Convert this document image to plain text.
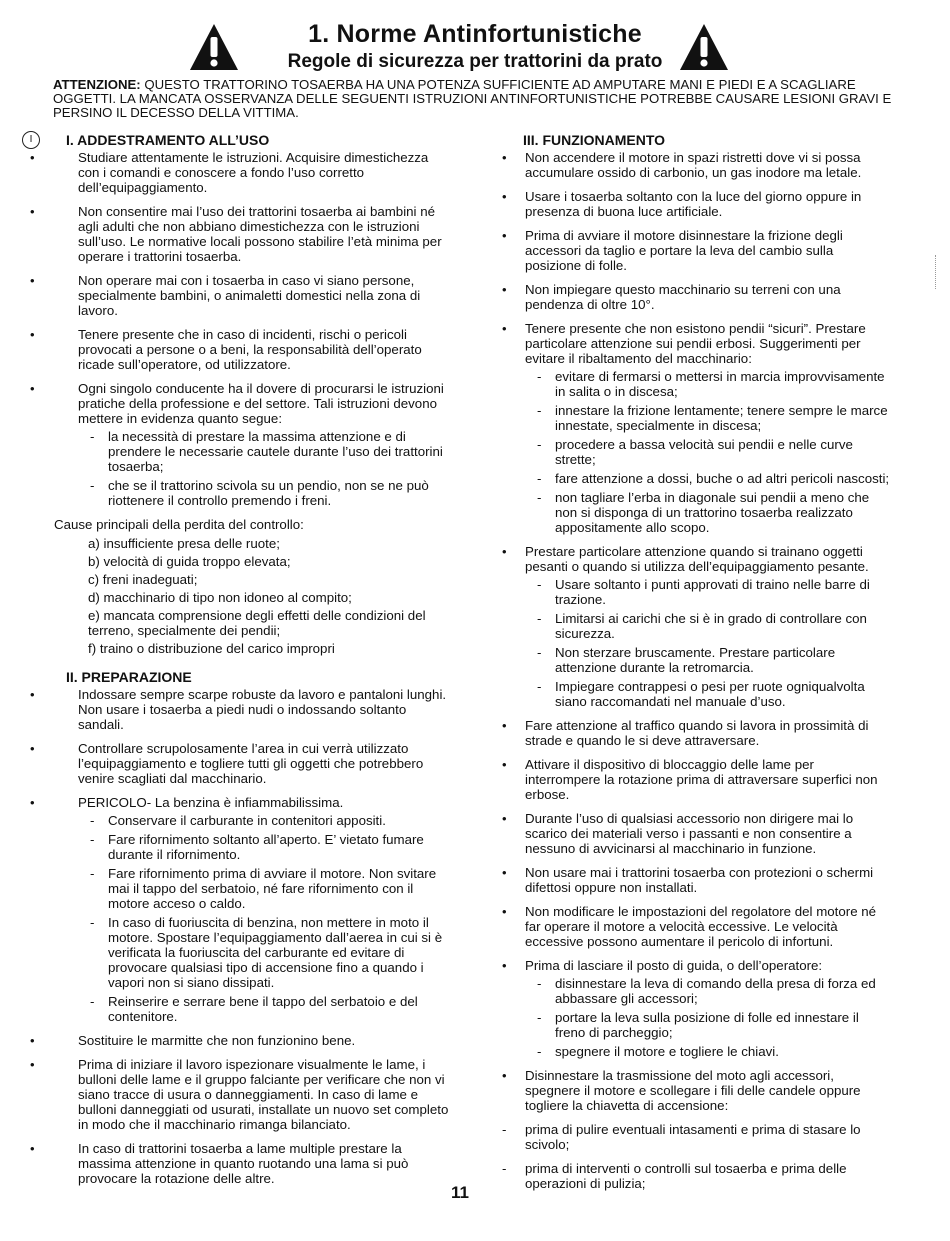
1. Norme Antinfortunistiche
Regole di sicurezza per trattorini da prato
ATTENZIONE: QUESTO TRATTORINO TOSAERBA HA UNA POTENZA SUFFICIENTE AD AMPUTARE MANI E PIEDI E A SCAGLIARE OGGETTI. LA MANCATA OSSERVANZA DELLE SEGUENTI ISTRUZIONI ANTINFORTUNISTICHE POTREBBE CAUSARE LESIONI GRAVI E PERSINO IL DECESSO DELLA VITTIMA.
I	I. ADDESTRAMENTO ALL’USO
• Studiare attentamente le istruzioni. Acquisire dimestichezza con i comandi e conoscere a fondo l’uso corretto dell’equipaggiamento.
• Non consentire mai l’uso dei trattorini tosaerba ai bambini né agli adulti che non abbiano dimestichezza con le istruzioni sull’uso. Le normative locali possono stabilire l’età minima per operare i trattorini tosaerba.
• Non operare mai con i tosaerba in caso vi siano persone, specialmente bambini, o animaletti domestici nella zona di lavoro.
• Tenere presente che in caso di incidenti, rischi o pericoli provocati a persone o a beni, la responsabilità dell’operato ricade sull’operatore, od utilizzatore.
• Ogni singolo conducente ha il dovere di procurarsi le istruzioni pratiche della professione e del settore. Tali istruzioni devono mettere in evidenza quanto segue:
- la necessità di prestare la massima attenzione e di prendere le necessarie cautele durante l’uso dei trattorini tosaerba;
- che se il trattorino scivola su un pendio, non se ne può riottenere il controllo premendo i freni.
Cause principali della perdita del controllo:
a) insufficiente presa delle ruote;
b) velocità di guida troppo elevata;
c) freni inadeguati;
d) macchinario di tipo non idoneo al compito;
e) mancata comprensione degli effetti delle condizioni del terreno, specialmente dei pendii;
f) traino o distribuzione del carico impropri
II. PREPARAZIONE
• Indossare sempre scarpe robuste da lavoro e pantaloni lunghi. Non usare i tosaerba a piedi nudi o indossando soltanto sandali.
• Controllare scrupolosamente l’area in cui verrà utilizzato l’equipaggiamento e togliere tutti gli oggetti che potrebbero venire scagliati dal macchinario.
• PERICOLO- La benzina è infiammabilissima.
- Conservare il carburante in contenitori appositi.
- Fare rifornimento soltanto all’aperto. E’ vietato fumare durante il rifornimento.
- Fare rifornimento prima di avviare il motore. Non svitare mai il tappo del serbatoio, né fare rifornimento con il motore acceso o caldo.
- In caso di fuoriuscita di benzina, non mettere in moto il motore. Spostare l’equipaggiamento dall’aerea in cui si è verificata la fuoriuscita del carburante ed evitare di provocare qualsiasi tipo di accensione fino a quando i vapori non si siano dissipati.
- Reinserire e serrare bene il tappo del serbatoio e del contenitore.
• Sostituire le marmitte che non funzionino bene.
• Prima di iniziare il lavoro ispezionare visualmente le lame, i bulloni delle lame e il gruppo falciante per verificare che non vi siano tracce di usura o danneggiamenti. In caso di lame e bulloni danneggiati od usurati, installate un nuovo set completo in modo che il macchinario rimanga bilanciato.
• In caso di trattorini tosaerba a lame multiple prestare la massima attenzione in quanto ruotando una lama si può provocare la rotazione delle altre.
III. FUNZIONAMENTO
• Non accendere il motore in spazi ristretti dove vi si possa accumulare ossido di carbonio, un gas inodore ma letale.
• Usare i tosaerba soltanto con la luce del giorno oppure in presenza di buona luce artificiale.
• Prima di avviare il motore disinnestare la frizione degli accessori da taglio e portare la leva del cambio sulla posizione di folle.
• Non impiegare questo macchinario su terreni con una pendenza di oltre 10°.
• Tenere presente che non esistono pendii “sicuri”. Prestare particolare attenzione sui pendii erbosi. Suggerimenti per evitare il ribaltamento del macchinario:
- evitare di fermarsi o mettersi in marcia improvvisamente in salita o in discesa;
- innestare la frizione lentamente; tenere sempre le marce innestate, specialmente in discesa;
- procedere a bassa velocità sui pendii e nelle curve strette;
- fare attenzione a dossi, buche o ad altri pericoli nascosti;
- non tagliare l’erba in diagonale sui pendii a meno che non si disponga di un trattorino tosaerba realizzato appositamente allo scopo.
• Prestare particolare attenzione quando si trainano oggetti pesanti o quando si utilizza dell’equipaggiamento pesante.
- Usare soltanto i punti approvati di traino nelle barre di trazione.
- Limitarsi ai carichi che si è in grado di controllare con sicurezza.
- Non sterzare bruscamente. Prestare particolare attenzione durante la retromarcia.
- Impiegare contrappesi o pesi per ruote ogniqualvolta siano raccomandati nel manuale d’uso.
• Fare attenzione al traffico quando si lavora in prossimità di strade e quando le si deve attraversare.
• Attivare il dispositivo di bloccaggio delle lame per interrompere la rotazione prima di attraversare superfici non erbose.
• Durante l’uso di qualsiasi accessorio non dirigere mai lo scarico dei materiali verso i passanti e non consentire a nessuno di avvicinarsi al macchinario in funzione.
• Non usare mai i trattorini tosaerba con protezioni o schermi difettosi oppure non installati.
• Non modificare le impostazioni del regolatore del motore né far operare il motore a velocità eccessive. Le velocità eccessive possono aumentare il pericolo di infortuni.
• Prima di lasciare il posto di guida, o dell’operatore:
- disinnestare la leva di comando della presa di forza ed abbassare gli accessori;
- portare la leva sulla posizione di folle ed innestare il freno di parcheggio;
- spegnere il motore e togliere le chiavi.
• Disinnestare la trasmissione del moto agli accessori, spegnere il motore e scollegare i fili delle candele oppure togliere la chiavetta di accensione:
- prima di pulire eventuali intasamenti e prima di stasare lo scivolo;
- prima di interventi o controlli sul tosaerba e prima delle operazioni di pulizia;
11
